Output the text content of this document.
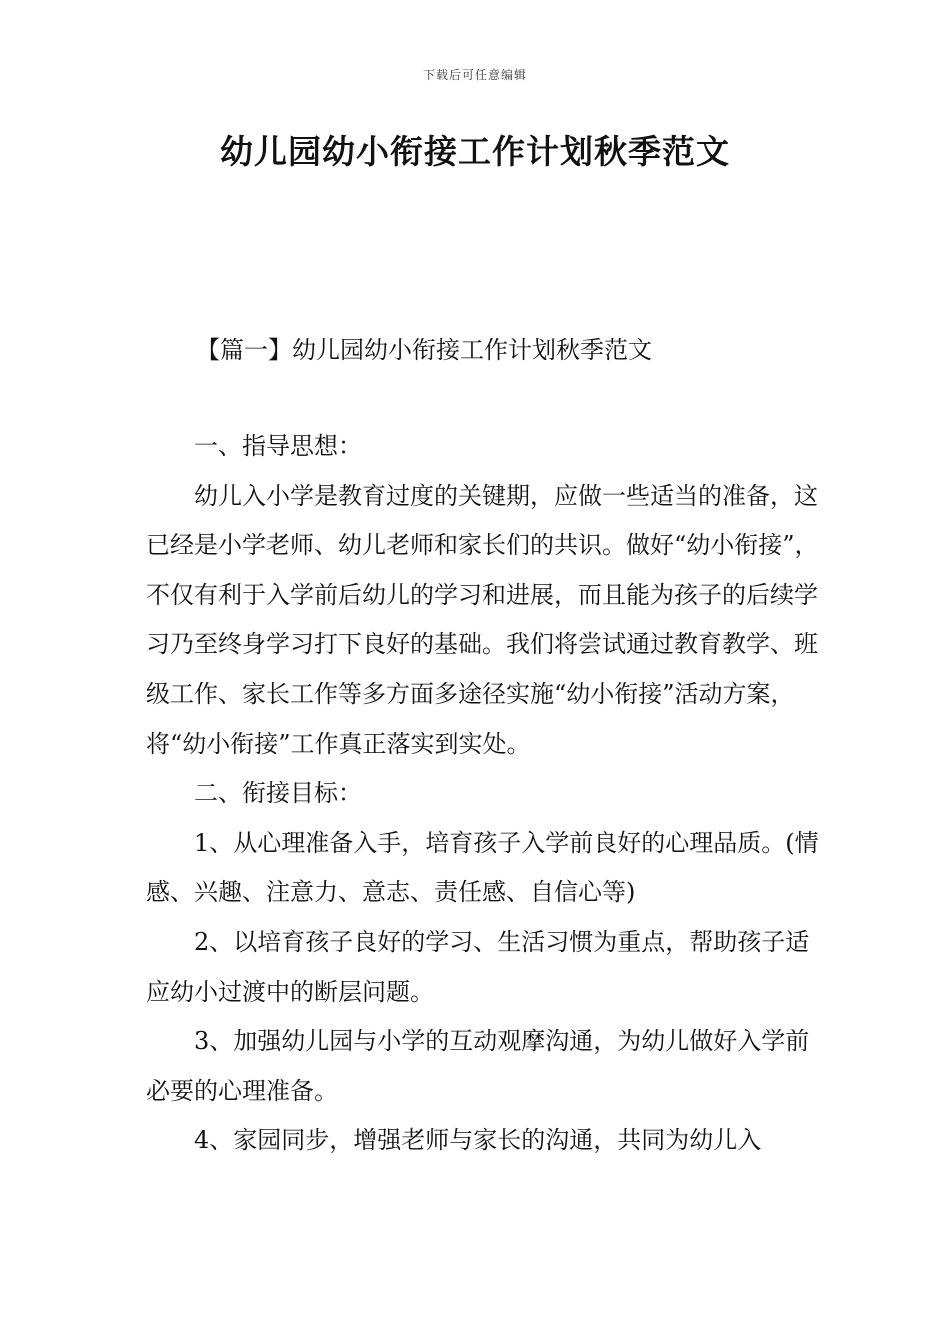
下载后可任意编辑
幼儿园幼小衔接工作计划秋季范文
【篇一】幼儿园幼小衔接工作计划秋季范文

一、指导思想：

幼儿入小学是教育过度的关键期，应做一些适当的准备，这已经是小学老师、幼儿老师和家长们的共识。做好“幼小衔接”，不仅有利于入学前后幼儿的学习和进展，而且能为孩子的后续学习乃至终身学习打下良好的基础。我们将尝试通过教育教学、班级工作、家长工作等多方面多途径实施“幼小衔接”活动方案，将“幼小衔接”工作真正落实到实处。

二、衔接目标：

1、从心理准备入手，培育孩子入学前良好的心理品质。(情感、兴趣、注意力、意志、责任感、自信心等)

2、以培育孩子良好的学习、生活习惯为重点，帮助孩子适应幼小过渡中的断层问题。

3、加强幼儿园与小学的互动观摩沟通，为幼儿做好入学前必要的心理准备。

4、家园同步，增强老师与家长的沟通，共同为幼儿入
